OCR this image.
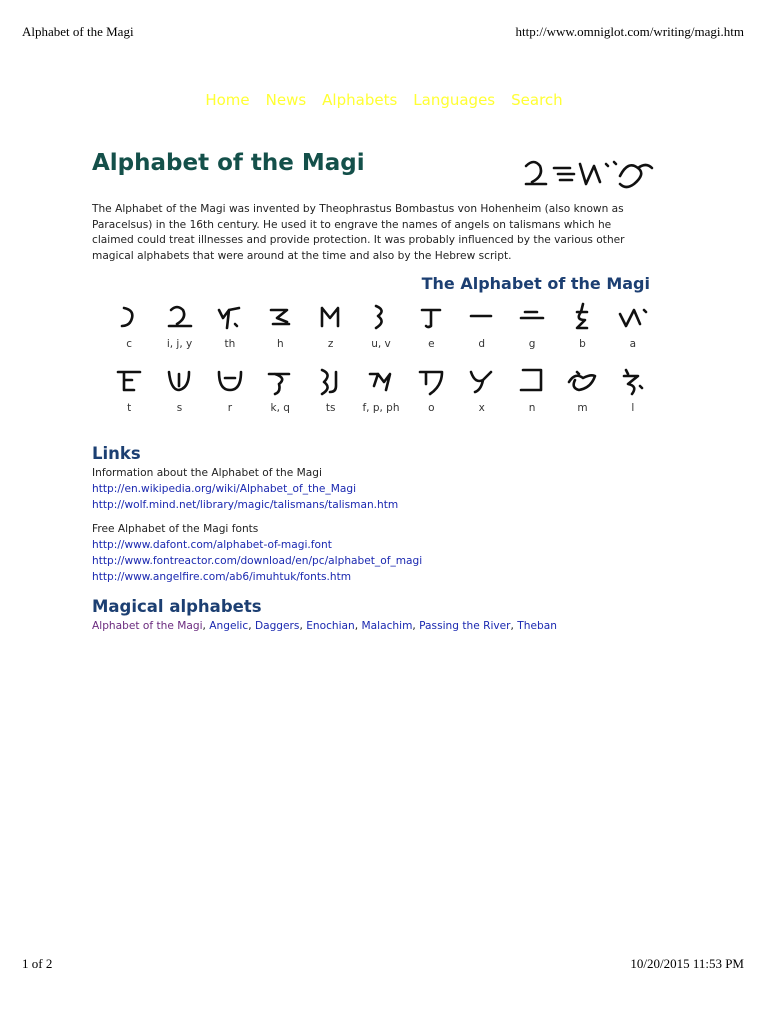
Alphabet of the Magi	http://www.omniglot.com/writing/magi.htm
Home News Alphabets Languages Search
Alphabet of the Magi

The Alphabet of the Magi was invented by Theophrastus Bombastus von Hohenheim (also known as Paracelsus) in the 16th century. He used it to engrave the names of angels on talismans which he claimed could treat illnesses and provide protection. It was probably influenced by the various other magical alphabets that were around at the time and also by the Hebrew script.

The Alphabet of the Magi
c	i, j, y	th	h	z	u, v	e	d	g	b	a
t	s	r	k, q	ts	f, p, ph	o	x	n	m	l
Links
Information about the Alphabet of the Magi
http://en.wikipedia.org/wiki/Alphabet_of_the_Magi
http://wolf.mind.net/library/magic/talismans/talisman.htm
Free Alphabet of the Magi fonts
http://www.dafont.com/alphabet-of-magi.font
http://www.fontreactor.com/download/en/pc/alphabet_of_magi
http://www.angelfire.com/ab6/imuhtuk/fonts.htm
Magical alphabets
Alphabet of the Magi, Angelic, Daggers, Enochian, Malachim, Passing the River, Theban
1 of 2	10/20/2015 11:53 PM
